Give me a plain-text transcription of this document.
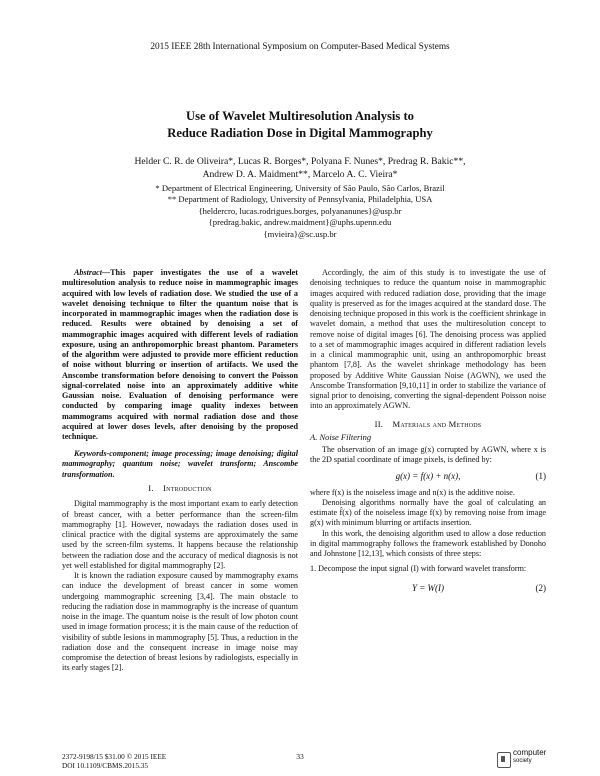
2015 IEEE 28th International Symposium on Computer-Based Medical Systems
Use of Wavelet Multiresolution Analysis to
Reduce Radiation Dose in Digital Mammography
Helder C. R. de Oliveira*, Lucas R. Borges*, Polyana F. Nunes*, Predrag R. Bakic**,
Andrew D. A. Maidment**, Marcelo A. C. Vieira*
* Department of Electrical Engineering, University of São Paulo, São Carlos, Brazil
** Department of Radiology, University of Pennsylvania, Philadelphia, USA
{heldercro, lucas.rodrigues.borges, polyananunes}@usp.br
{predrag.bakic, andrew.maidment}@uphs.upenn.edu
{mvieira}@sc.usp.br

Abstract—This paper investigates the use of a wavelet multiresolution analysis to reduce noise in mammographic images acquired with low levels of radiation dose. We studied the use of a wavelet denoising technique to filter the quantum noise that is incorporated in mammographic images when the radiation dose is reduced. Results were obtained by denoising a set of mammographic images acquired with different levels of radiation exposure, using an anthropomorphic breast phantom. Parameters of the algorithm were adjusted to provide more efficient reduction of noise without blurring or insertion of artifacts. We used the Anscombe transformation before denoising to convert the Poisson signal-correlated noise into an approximately additive white Gaussian noise. Evaluation of denoising performance were conducted by comparing image quality indexes between mammograms acquired with normal radiation dose and those acquired at lower doses levels, after denoising by the proposed technique.

Keywords-component; image processing; image denoising; digital mammography; quantum noise; wavelet transform; Anscombe transformation.

I. Introduction

Digital mammography is the most important exam to early detection of breast cancer, with a better performance than the screen-film mammography [1]. However, nowadays the radiation doses used in clinical practice with the digital systems are approximately the same used by the screen-film systems. It happens because the relationship between the radiation dose and the accuracy of medical diagnosis is not yet well established for digital mammography [2].

It is known the radiation exposure caused by mammography exams can induce the development of breast cancer in some women undergoing mammographic screening [3,4]. The main obstacle to reducing the radiation dose in mammography is the increase of quantum noise in the image. The quantum noise is the result of low photon count used in image formation process; it is the main cause of the reduction of visibility of subtle lesions in mammography [5]. Thus, a reduction in the radiation dose and the consequent increase in image noise may compromise the detection of breast lesions by radiologists, especially in its early stages [2].

Accordingly, the aim of this study is to investigate the use of denoising techniques to reduce the quantum noise in mammographic images acquired with reduced radiation dose, providing that the image quality is preserved as for the images acquired at the standard dose. The denoising technique proposed in this work is the coefficient shrinkage in wavelet domain, a method that uses the multiresolution concept to remove noise of digital images [6]. The denoising process was applied to a set of mammographic images acquired in different radiation levels in a clinical mammographic unit, using an anthropomorphic breast phantom [7,8]. As the wavelet shrinkage methodology has been proposed by Additive White Gaussian Noise (AGWN), we used the Anscombe Transformation [9,10,11] in order to stabilize the variance of signal prior to denoising, converting the signal-dependent Poisson noise into an approximately AGWN.

II. Materials and Methods
A. Noise Filtering

The observation of an image g(x) corrupted by AGWN, where x is the 2D spatial coordinate of image pixels, is defined by:

g(x) = f(x) + n(x),	(1)

where f(x) is the noiseless image and n(x) is the additive noise.

Denoising algorithms normally have the goal of calculating an estimate f̂(x) of the noiseless image f(x) by removing noise from image g(x) with minimum blurring or artifacts insertion.

In this work, the denoising algorithm used to allow a dose reduction in digital mammography follows the framework established by Donoho and Johnstone [12,13], which consists of three steps:

1. Decompose the input signal (I) with forward wavelet transform:

Y = W(I)	(2)
2372-9198/15 $31.00 © 2015 IEEE
DOI 10.1109/CBMS.2015.35
33	computer
society
